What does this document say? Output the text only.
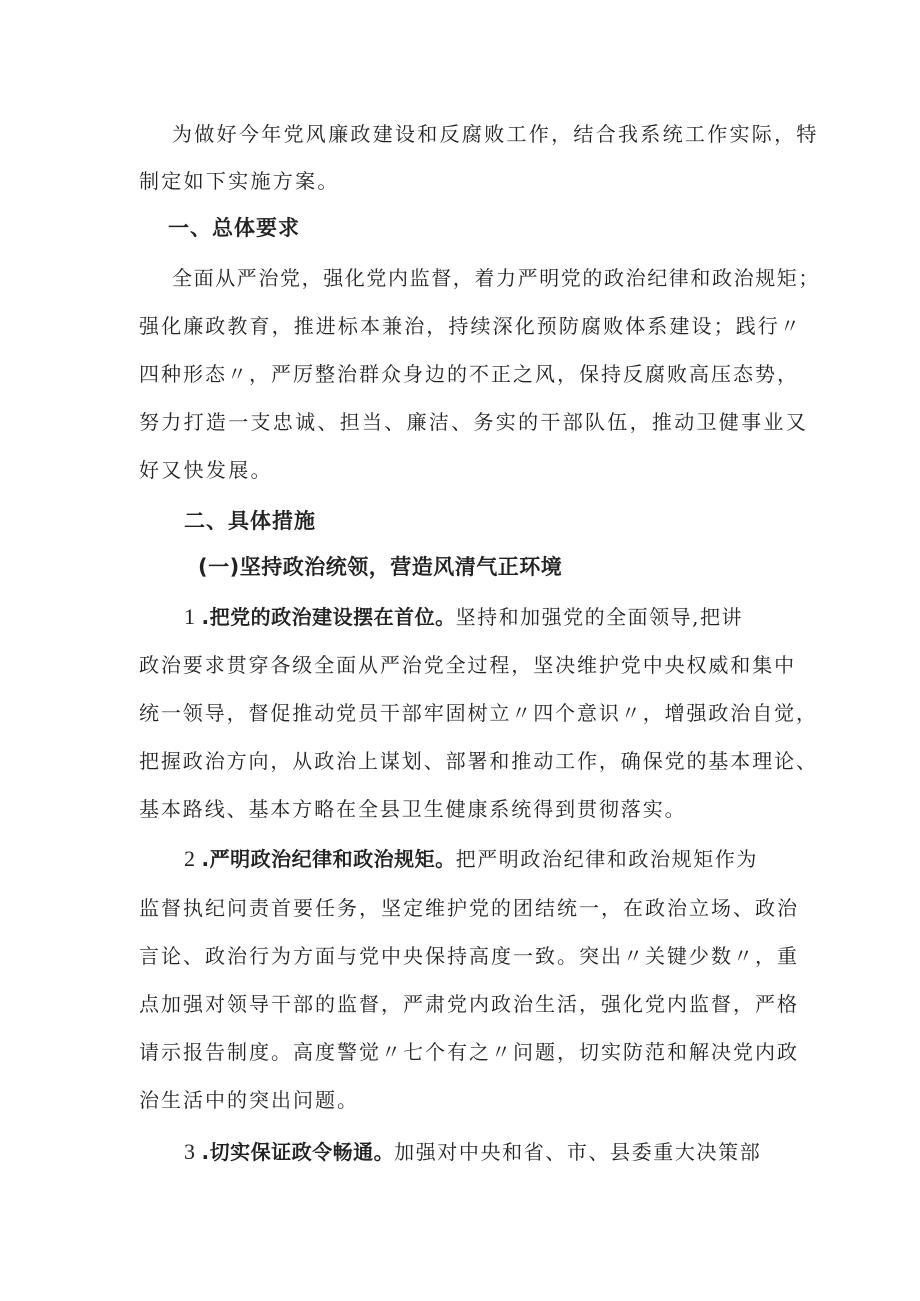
为做好今年党风廉政建设和反腐败工作，结合我系统工作实际，特
制定如下实施方案。
一、总体要求
全面从严治党，强化党内监督，着力严明党的政治纪律和政治规矩；
强化廉政教育，推进标本兼治，持续深化预防腐败体系建设；践行〃
四种形态〃，严厉整治群众身边的不正之风，保持反腐败高压态势，
努力打造一支忠诚、担当、廉洁、务实的干部队伍，推动卫健事业又
好又快发展。
二、具体措施
(一)坚持政治统领，营造风清气正环境
1 .把党的政治建设摆在首位。坚持和加强党的全面领导,把讲
政治要求贯穿各级全面从严治党全过程，坚决维护党中央权威和集中
统一领导，督促推动党员干部牢固树立〃四个意识〃，增强政治自觉，
把握政治方向，从政治上谋划、部署和推动工作，确保党的基本理论、
基本路线、基本方略在全县卫生健康系统得到贯彻落实。
2 .严明政治纪律和政治规矩。把严明政治纪律和政治规矩作为
监督执纪问责首要任务，坚定维护党的团结统一，在政治立场、政治
言论、政治行为方面与党中央保持高度一致。突出〃关键少数〃，重
点加强对领导干部的监督，严肃党内政治生活，强化党内监督，严格
请示报告制度。高度警觉〃七个有之〃问题，切实防范和解决党内政
治生活中的突出问题。
3 .切实保证政令畅通。加强对中央和省、市、县委重大决策部
